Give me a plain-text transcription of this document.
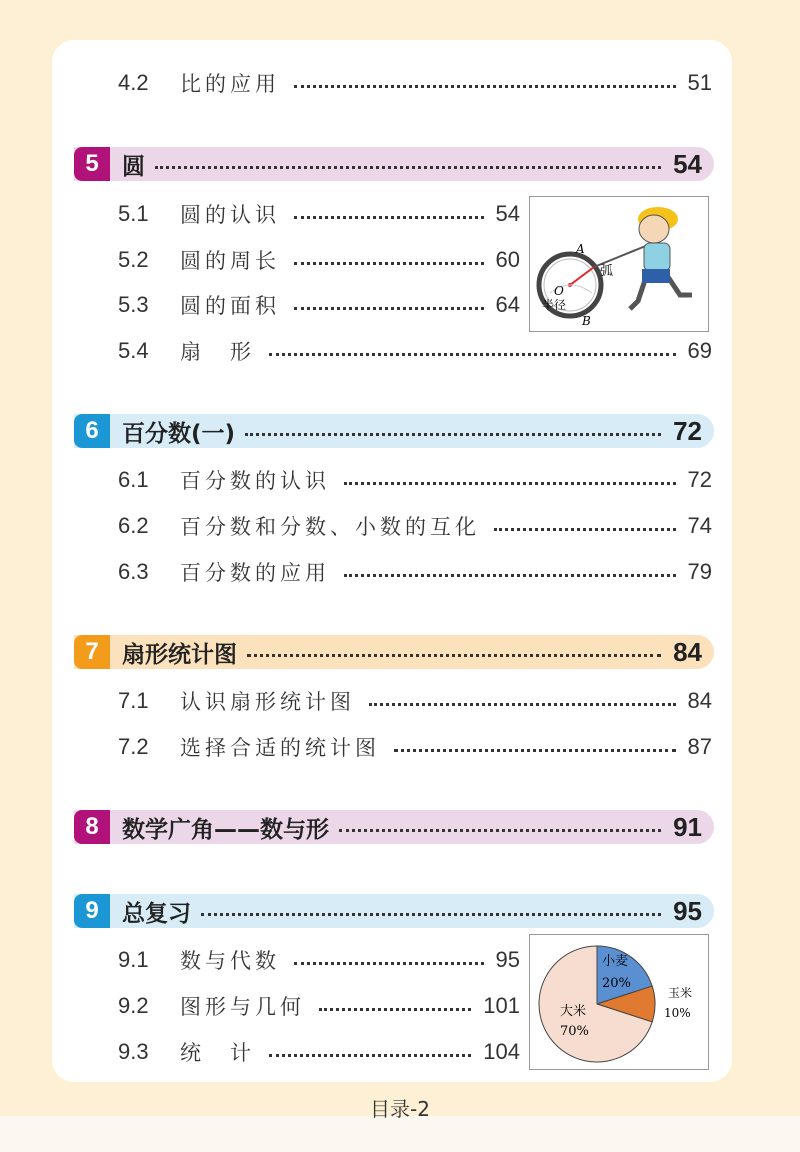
4.2	比的应用	51
5	圆	54
5.1	圆的认识	54
5.2	圆的周长	60
5.3	圆的面积	64
A
B
O
弧
半径
5.4	扇　形	69
6	百分数(一)	72
6.1	百分数的认识	72
6.2	百分数和分数、小数的互化	74
6.3	百分数的应用	79
7	扇形统计图	84
7.1	认识扇形统计图	84
7.2	选择合适的统计图	87
8	数学广角——数与形	91
9	总复习	95
9.1	数与代数	95
9.2	图形与几何	101
9.3	统　计	104
小麦
20%
玉米
10%
大米
70%
目录-2
